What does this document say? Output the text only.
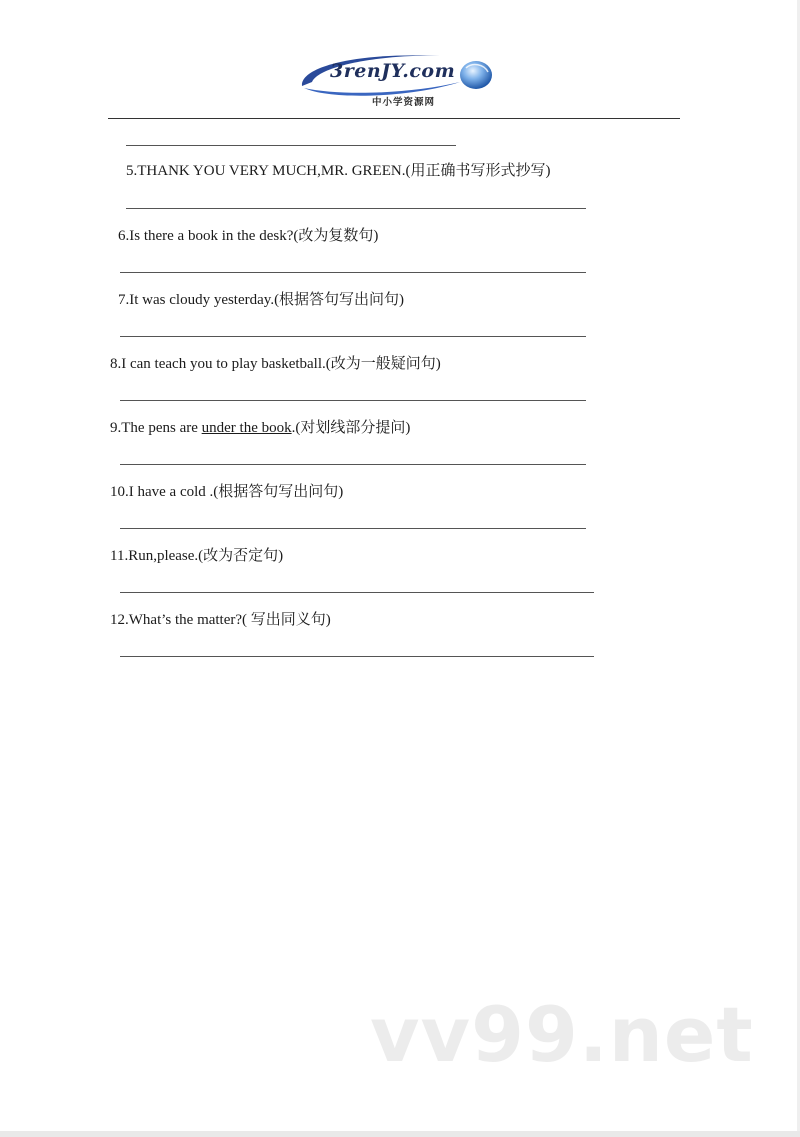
3renJY.com
中小学资源网
5.THANK YOU VERY MUCH,MR. GREEN.(用正确书写形式抄写)
6.Is there a book in the desk?(改为复数句)
7.It was cloudy yesterday.(根据答句写出问句)
8.I can teach you to play basketball.(改为一般疑问句)
9.The pens are under the book.(对划线部分提问)
10.I have a cold .(根据答句写出问句)
11.Run,please.(改为否定句)
12.What’s the matter?( 写出同义句)
vv99.net
